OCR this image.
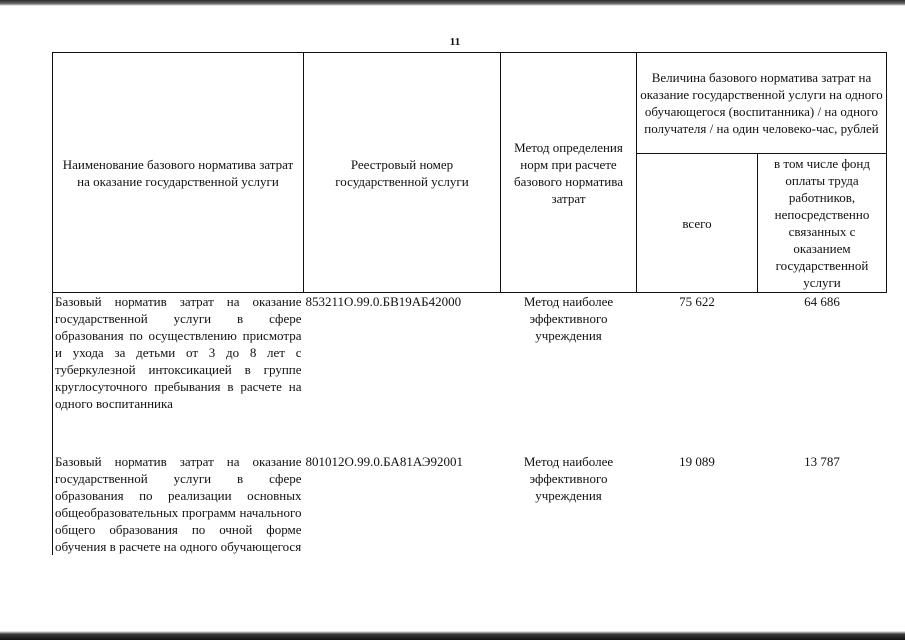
11
Наименование базового норматива затрат на оказание государственной услуги	Реестровый номер государственной услуги	Метод определения норм при расчете базового норматива затрат	Величина базового норматива затрат на оказание государственной услуги на одного обучающегося (воспитанника) / на одного получателя / на один человеко-час, рублей	
			всего	в том числе фонд оплаты труда работников, непосредственно связанных с оказанием государственной услуги
Базовый норматив затрат на оказание государственной услуги в сфере образования по осуществлению присмотра и ухода за детьми от 3 до 8 лет с туберкулезной интоксикацией в группе круглосуточного пребывания в расчете на одного воспитанника	853211О.99.0.БВ19АБ42000	Метод наиболее эффективного учреждения	75 622	64 686
Базовый норматив затрат на оказание государственной услуги в сфере образования по реализации основных общеобразовательных программ начального общего образования по очной форме обучения в расчете на одного обучающегося	801012О.99.0.БА81АЭ92001	Метод наиболее эффективного учреждения	19 089	13 787
